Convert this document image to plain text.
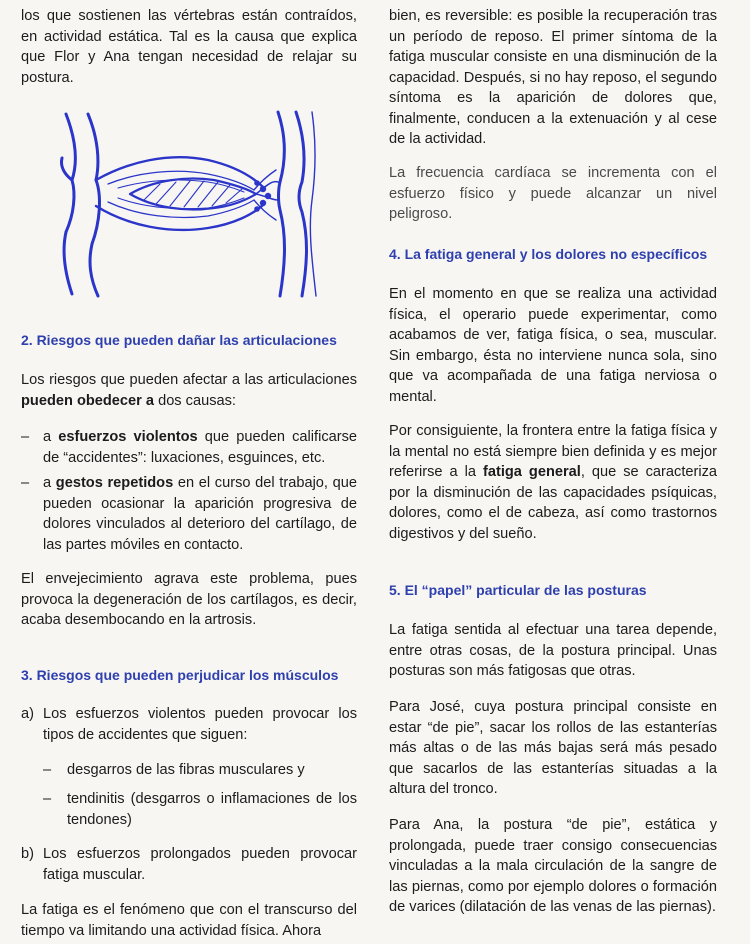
los que sostienen las vértebras están contraídos, en actividad estática. Tal es la causa que explica que Flor y Ana tengan necesidad de relajar su postura.

2. Riesgos que pueden dañar las articulaciones

Los riesgos que pueden afectar a las articulaciones pueden obedecer a dos causas:

– a esfuerzos violentos que pueden calificarse de “accidentes”: luxaciones, esguinces, etc.
– a gestos repetidos en el curso del trabajo, que pueden ocasionar la aparición progresiva de dolores vinculados al deterioro del cartílago, de las partes móviles en contacto.

El envejecimiento agrava este problema, pues provoca la degeneración de los cartílagos, es decir, acaba desembocando en la artrosis.

3. Riesgos que pueden perjudicar los músculos
a) Los esfuerzos violentos pueden provocar los tipos de accidentes que siguen:
– desgarros de las fibras musculares y
– tendinitis (desgarros o inflamaciones de los tendones)
b) Los esfuerzos prolongados pueden provocar fatiga muscular.

La fatiga es el fenómeno que con el transcurso del tiempo va limitando una actividad física. Ahora

bien, es reversible: es posible la recuperación tras un período de reposo. El primer síntoma de la fatiga muscular consiste en una disminución de la capacidad. Después, si no hay reposo, el segundo síntoma es la aparición de dolores que, finalmente, conducen a la extenuación y al cese de la actividad.

La frecuencia cardíaca se incrementa con el esfuerzo físico y puede alcanzar un nivel peligroso.

4. La fatiga general y los dolores no específicos

En el momento en que se realiza una actividad física, el operario puede experimentar, como acabamos de ver, fatiga física, o sea, muscular. Sin embargo, ésta no interviene nunca sola, sino que va acompañada de una fatiga nerviosa o mental.

Por consiguiente, la frontera entre la fatiga física y la mental no está siempre bien definida y es mejor referirse a la fatiga general, que se caracteriza por la disminución de las capacidades psíquicas, dolores, como el de cabeza, así como trastornos digestivos y del sueño.

5. El “papel” particular de las posturas

La fatiga sentida al efectuar una tarea depende, entre otras cosas, de la postura principal. Unas posturas son más fatigosas que otras.

Para José, cuya postura principal consiste en estar “de pie”, sacar los rollos de las estanterías más altas o de las más bajas será más pesado que sacarlos de las estanterías situadas a la altura del tronco.

Para Ana, la postura “de pie”, estática y prolongada, puede traer consigo consecuencias vinculadas a la mala circulación de la sangre de las piernas, como por ejemplo dolores o formación de varices (dilatación de las venas de las piernas).
